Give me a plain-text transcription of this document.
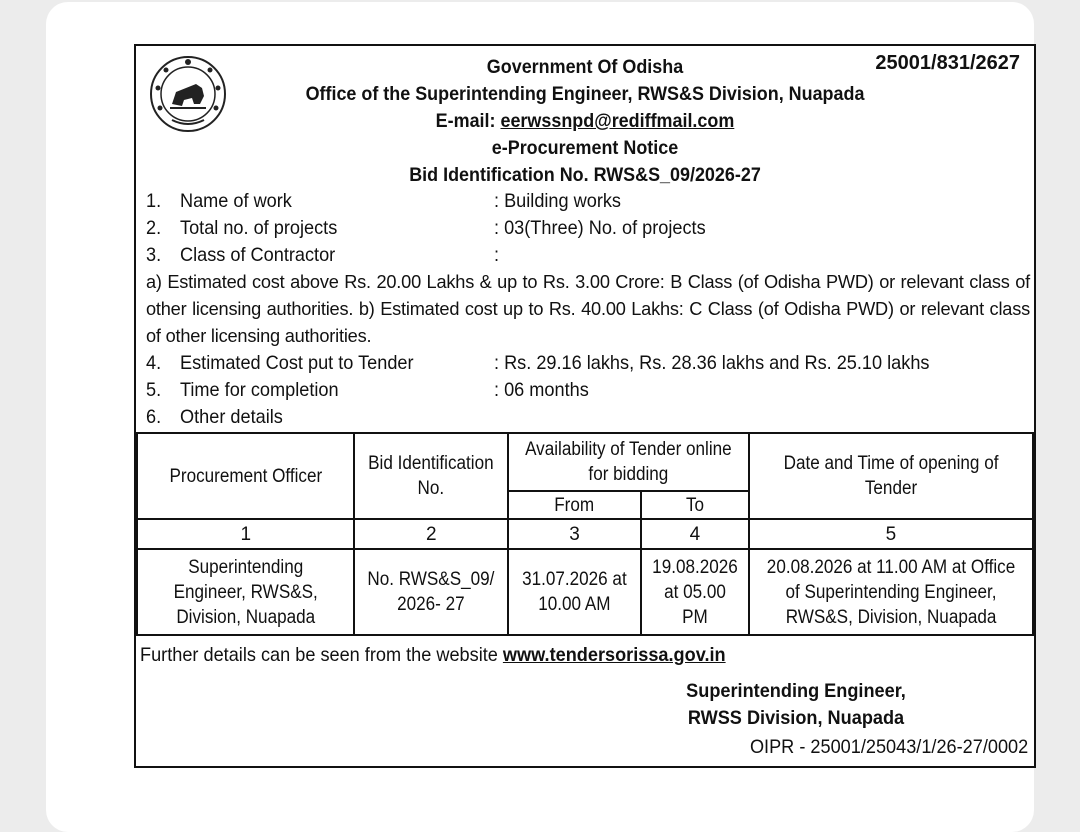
25001/831/2627
Government Of Odisha
Office of the Superintending Engineer, RWS&S Division, Nuapada
E-mail: eerwssnpd@rediffmail.com
e-Procurement Notice
Bid Identification No. RWS&S_09/2026-27
1. Name of work	: Building works
2. Total no. of projects	: 03(Three) No. of projects
3. Class of Contractor	:
a) Estimated cost above Rs. 20.00 Lakhs & up to Rs. 3.00 Crore: B Class (of Odisha PWD) or relevant class of other licensing authorities. b) Estimated cost up to Rs. 40.00 Lakhs: C Class (of Odisha PWD) or relevant class of other licensing authorities.
4. Estimated Cost put to Tender	: Rs. 29.16 lakhs, Rs. 28.36 lakhs and Rs. 25.10 lakhs
5. Time for completion	: 06 months
6. Other details
Procurement Officer	Bid Identification No.	Availability of Tender online for bidding		Date and Time of opening of Tender
		From	To	
1	2	3	4	5
Superintending Engineer, RWS&S, Division, Nuapada	No. RWS&S_09/ 2026- 27	31.07.2026 at 10.00 AM	19.08.2026 at 05.00 PM	20.08.2026 at 11.00 AM at Office of Superintending Engineer, RWS&S, Division, Nuapada
Further details can be seen from the website www.tendersorissa.gov.in
Superintending Engineer,
RWSS Division, Nuapada
OIPR - 25001/25043/1/26-27/0002
